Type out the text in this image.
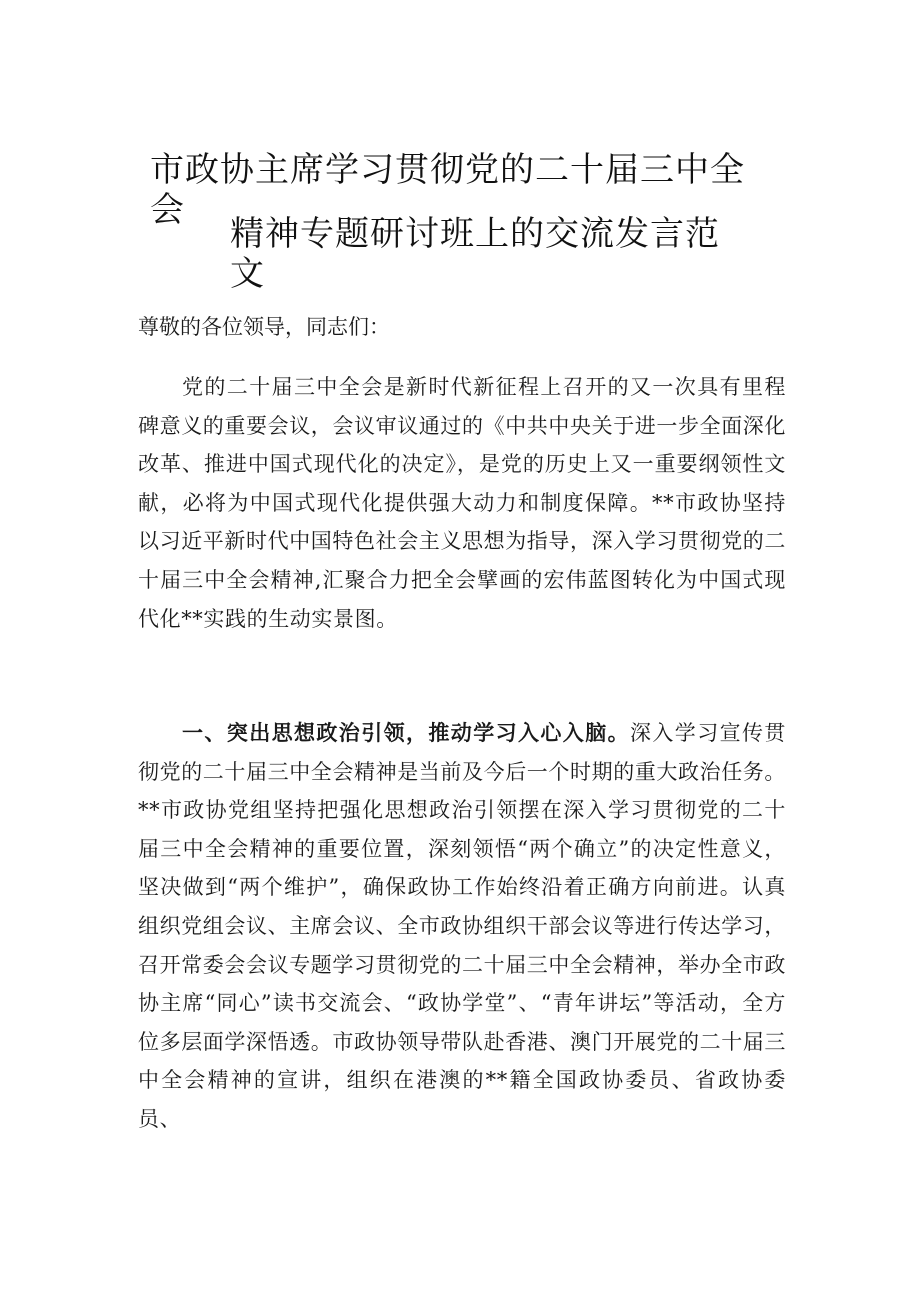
市政协主席学习贯彻党的二十届三中全会
精神专题研讨班上的交流发言范文

尊敬的各位领导，同志们：

党的二十届三中全会是新时代新征程上召开的又一次具有里程碑意义的重要会议，会议审议通过的《中共中央关于进一步全面深化改革、推进中国式现代化的决定》，是党的历史上又一重要纲领性文献，必将为中国式现代化提供强大动力和制度保障。**市政协坚持以习近平新时代中国特色社会主义思想为指导，深入学习贯彻党的二十届三中全会精神,汇聚合力把全会擘画的宏伟蓝图转化为中国式现代化**实践的生动实景图。

一、突出思想政治引领，推动学习入心入脑。深入学习宣传贯彻党的二十届三中全会精神是当前及今后一个时期的重大政治任务。**市政协党组坚持把强化思想政治引领摆在深入学习贯彻党的二十届三中全会精神的重要位置，深刻领悟“两个确立”的决定性意义，坚决做到“两个维护”，确保政协工作始终沿着正确方向前进。认真组织党组会议、主席会议、全市政协组织干部会议等进行传达学习，召开常委会会议专题学习贯彻党的二十届三中全会精神，举办全市政协主席“同心”读书交流会、“政协学堂”、“青年讲坛”等活动，全方位多层面学深悟透。市政协领导带队赴香港、澳门开展党的二十届三中全会精神的宣讲，组织在港澳的**籍全国政协委员、省政协委员、
